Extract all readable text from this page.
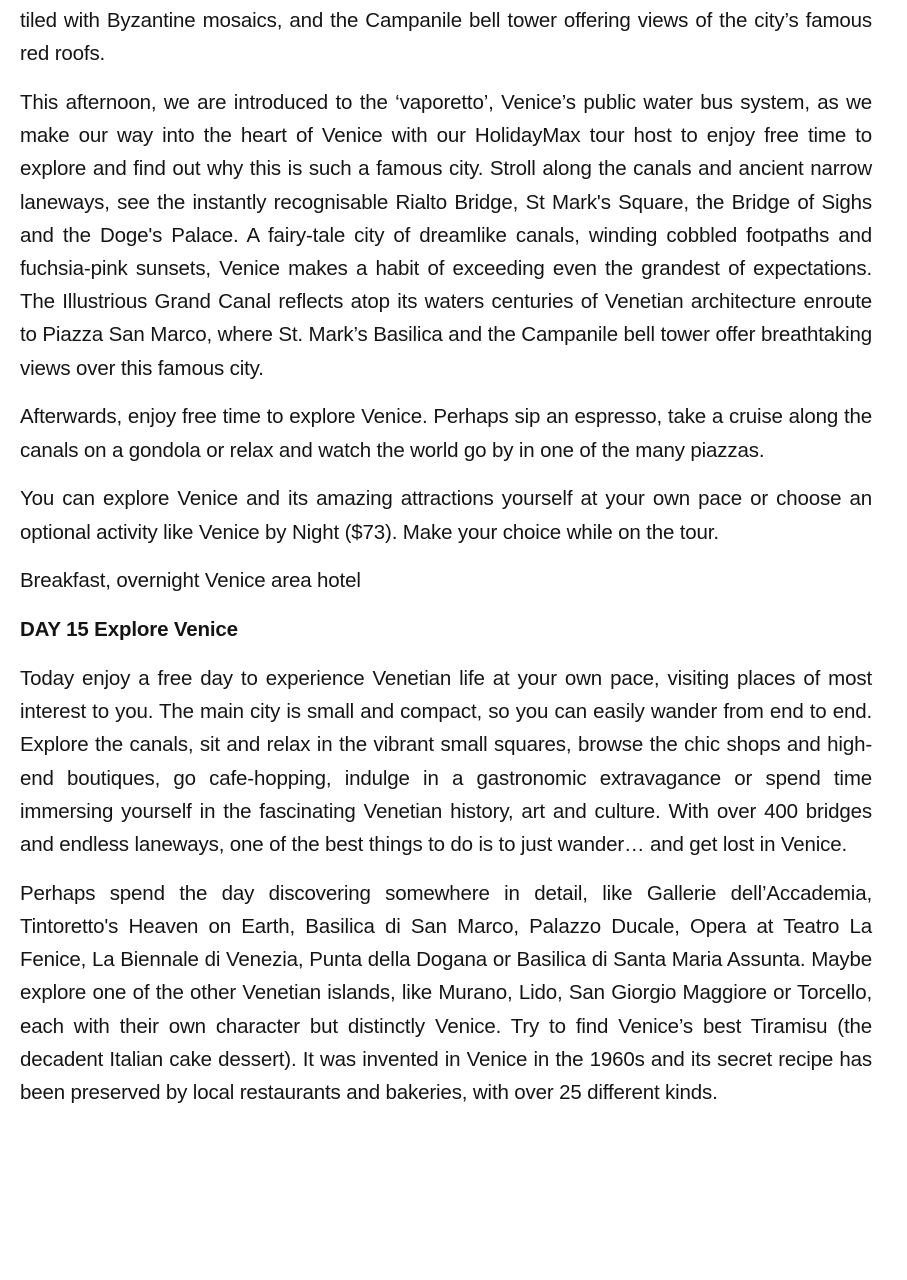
tiled with Byzantine mosaics, and the Campanile bell tower offering views of the city’s famous red roofs.

This afternoon, we are introduced to the ‘vaporetto’, Venice’s public water bus system, as we make our way into the heart of Venice with our HolidayMax tour host to enjoy free time to explore and find out why this is such a famous city. Stroll along the canals and ancient narrow laneways, see the instantly recognisable Rialto Bridge, St Mark's Square, the Bridge of Sighs and the Doge's Palace. A fairy-tale city of dreamlike canals, winding cobbled footpaths and fuchsia-pink sunsets, Venice makes a habit of exceeding even the grandest of expectations. The Illustrious Grand Canal reflects atop its waters centuries of Venetian architecture enroute to Piazza San Marco, where St. Mark’s Basilica and the Campanile bell tower offer breathtaking views over this famous city.

Afterwards, enjoy free time to explore Venice. Perhaps sip an espresso, take a cruise along the canals on a gondola or relax and watch the world go by in one of the many piazzas.

You can explore Venice and its amazing attractions yourself at your own pace or choose an optional activity like Venice by Night ($73). Make your choice while on the tour.

Breakfast, overnight Venice area hotel

DAY 15 Explore Venice

Today enjoy a free day to experience Venetian life at your own pace, visiting places of most interest to you. The main city is small and compact, so you can easily wander from end to end. Explore the canals, sit and relax in the vibrant small squares, browse the chic shops and high-end boutiques, go cafe-hopping, indulge in a gastronomic extravagance or spend time immersing yourself in the fascinating Venetian history, art and culture. With over 400 bridges and endless laneways, one of the best things to do is to just wander… and get lost in Venice.

Perhaps spend the day discovering somewhere in detail, like Gallerie dell’Accademia, Tintoretto's Heaven on Earth, Basilica di San Marco, Palazzo Ducale, Opera at Teatro La Fenice, La Biennale di Venezia, Punta della Dogana or Basilica di Santa Maria Assunta. Maybe explore one of the other Venetian islands, like Murano, Lido, San Giorgio Maggiore or Torcello, each with their own character but distinctly Venice. Try to find Venice’s best Tiramisu (the decadent Italian cake dessert). It was invented in Venice in the 1960s and its secret recipe has been preserved by local restaurants and bakeries, with over 25 different kinds.
